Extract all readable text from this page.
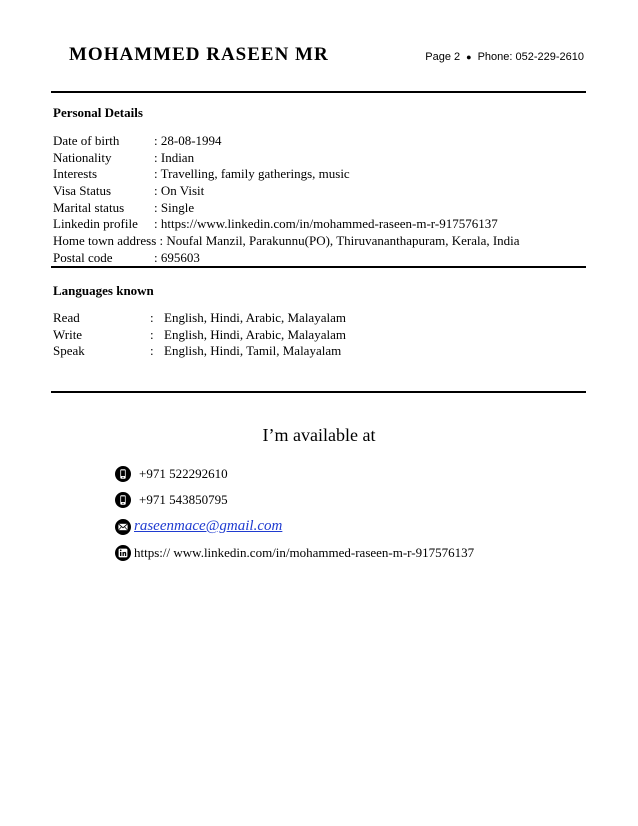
MOHAMMED RASEEN MR	Page 2 ● Phone: 052-229-2610
Personal Details
Date of birth	: 28-08-1994
Nationality	: Indian
Interests	: Travelling, family gatherings, music
Visa Status	: On Visit
Marital status : Single
Linkedin profile : https://www.linkedin.com/in/mohammed-raseen-m-r-917576137
Home town address : Noufal Manzil, Parakunnu(PO), Thiruvananthapuram, Kerala, India
Postal code	: 695603
Languages known
Read	: English, Hindi, Arabic, Malayalam
Write	: English, Hindi, Arabic, Malayalam
Speak	: English, Hindi, Tamil, Malayalam
I’m available at
+971 522292610
+971 543850795
raseenmace@gmail.com
https:// www.linkedin.com/in/mohammed-raseen-m-r-917576137
